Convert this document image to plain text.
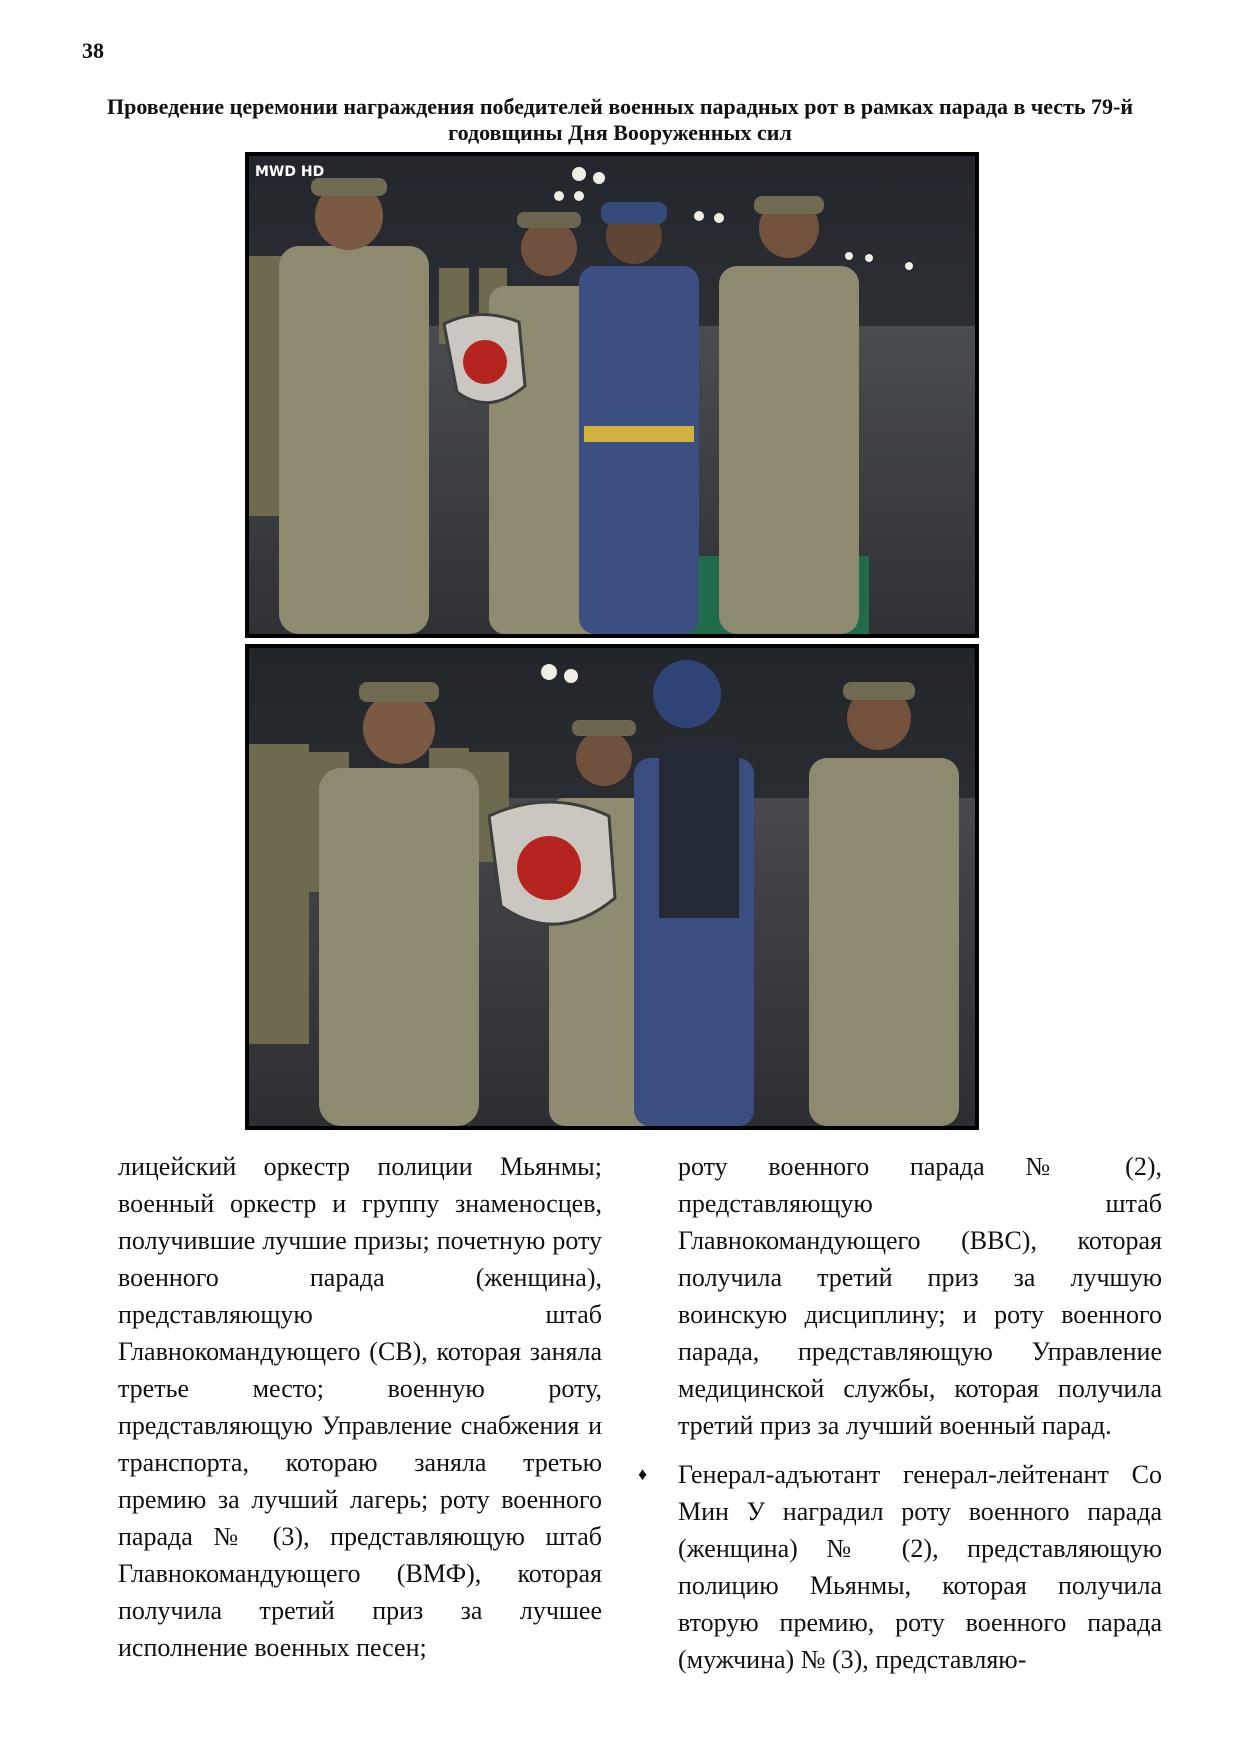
38
Проведение церемонии награждения победителей военных парадных рот в рамках парада в честь 79-й годовщины Дня Вооруженных сил
MWD HD

лицейский оркестр полиции Мьянмы; военный оркестр и группу знаменосцев, получившие лучшие призы; почетную роту военного парада (женщина), представляющую штаб Главнокомандующего (СВ), которая заняла третье место; военную роту, представляющую Управление снабжения и транспорта, котораю заняла третью премию за лучший лагерь; роту военного парада № (3), представляющую штаб Главнокомандующего (ВМФ), которая получила третий приз за лучшее исполнение военных песен;

роту военного парада № (2), представляющую штаб Главнокомандующего (ВВС), которая получила третий приз за лучшую воинскую дисциплину; и роту военного парада, представляющую Управление медицинской службы, которая получила третий приз за лучший военный парад.

♦ Генерал-адъютант генерал-лейтенант Со Мин У наградил роту военного парада (женщина) № (2), представляющую полицию Мьянмы, которая получила вторую премию, роту военного парада (мужчина) № (3), представляю-
